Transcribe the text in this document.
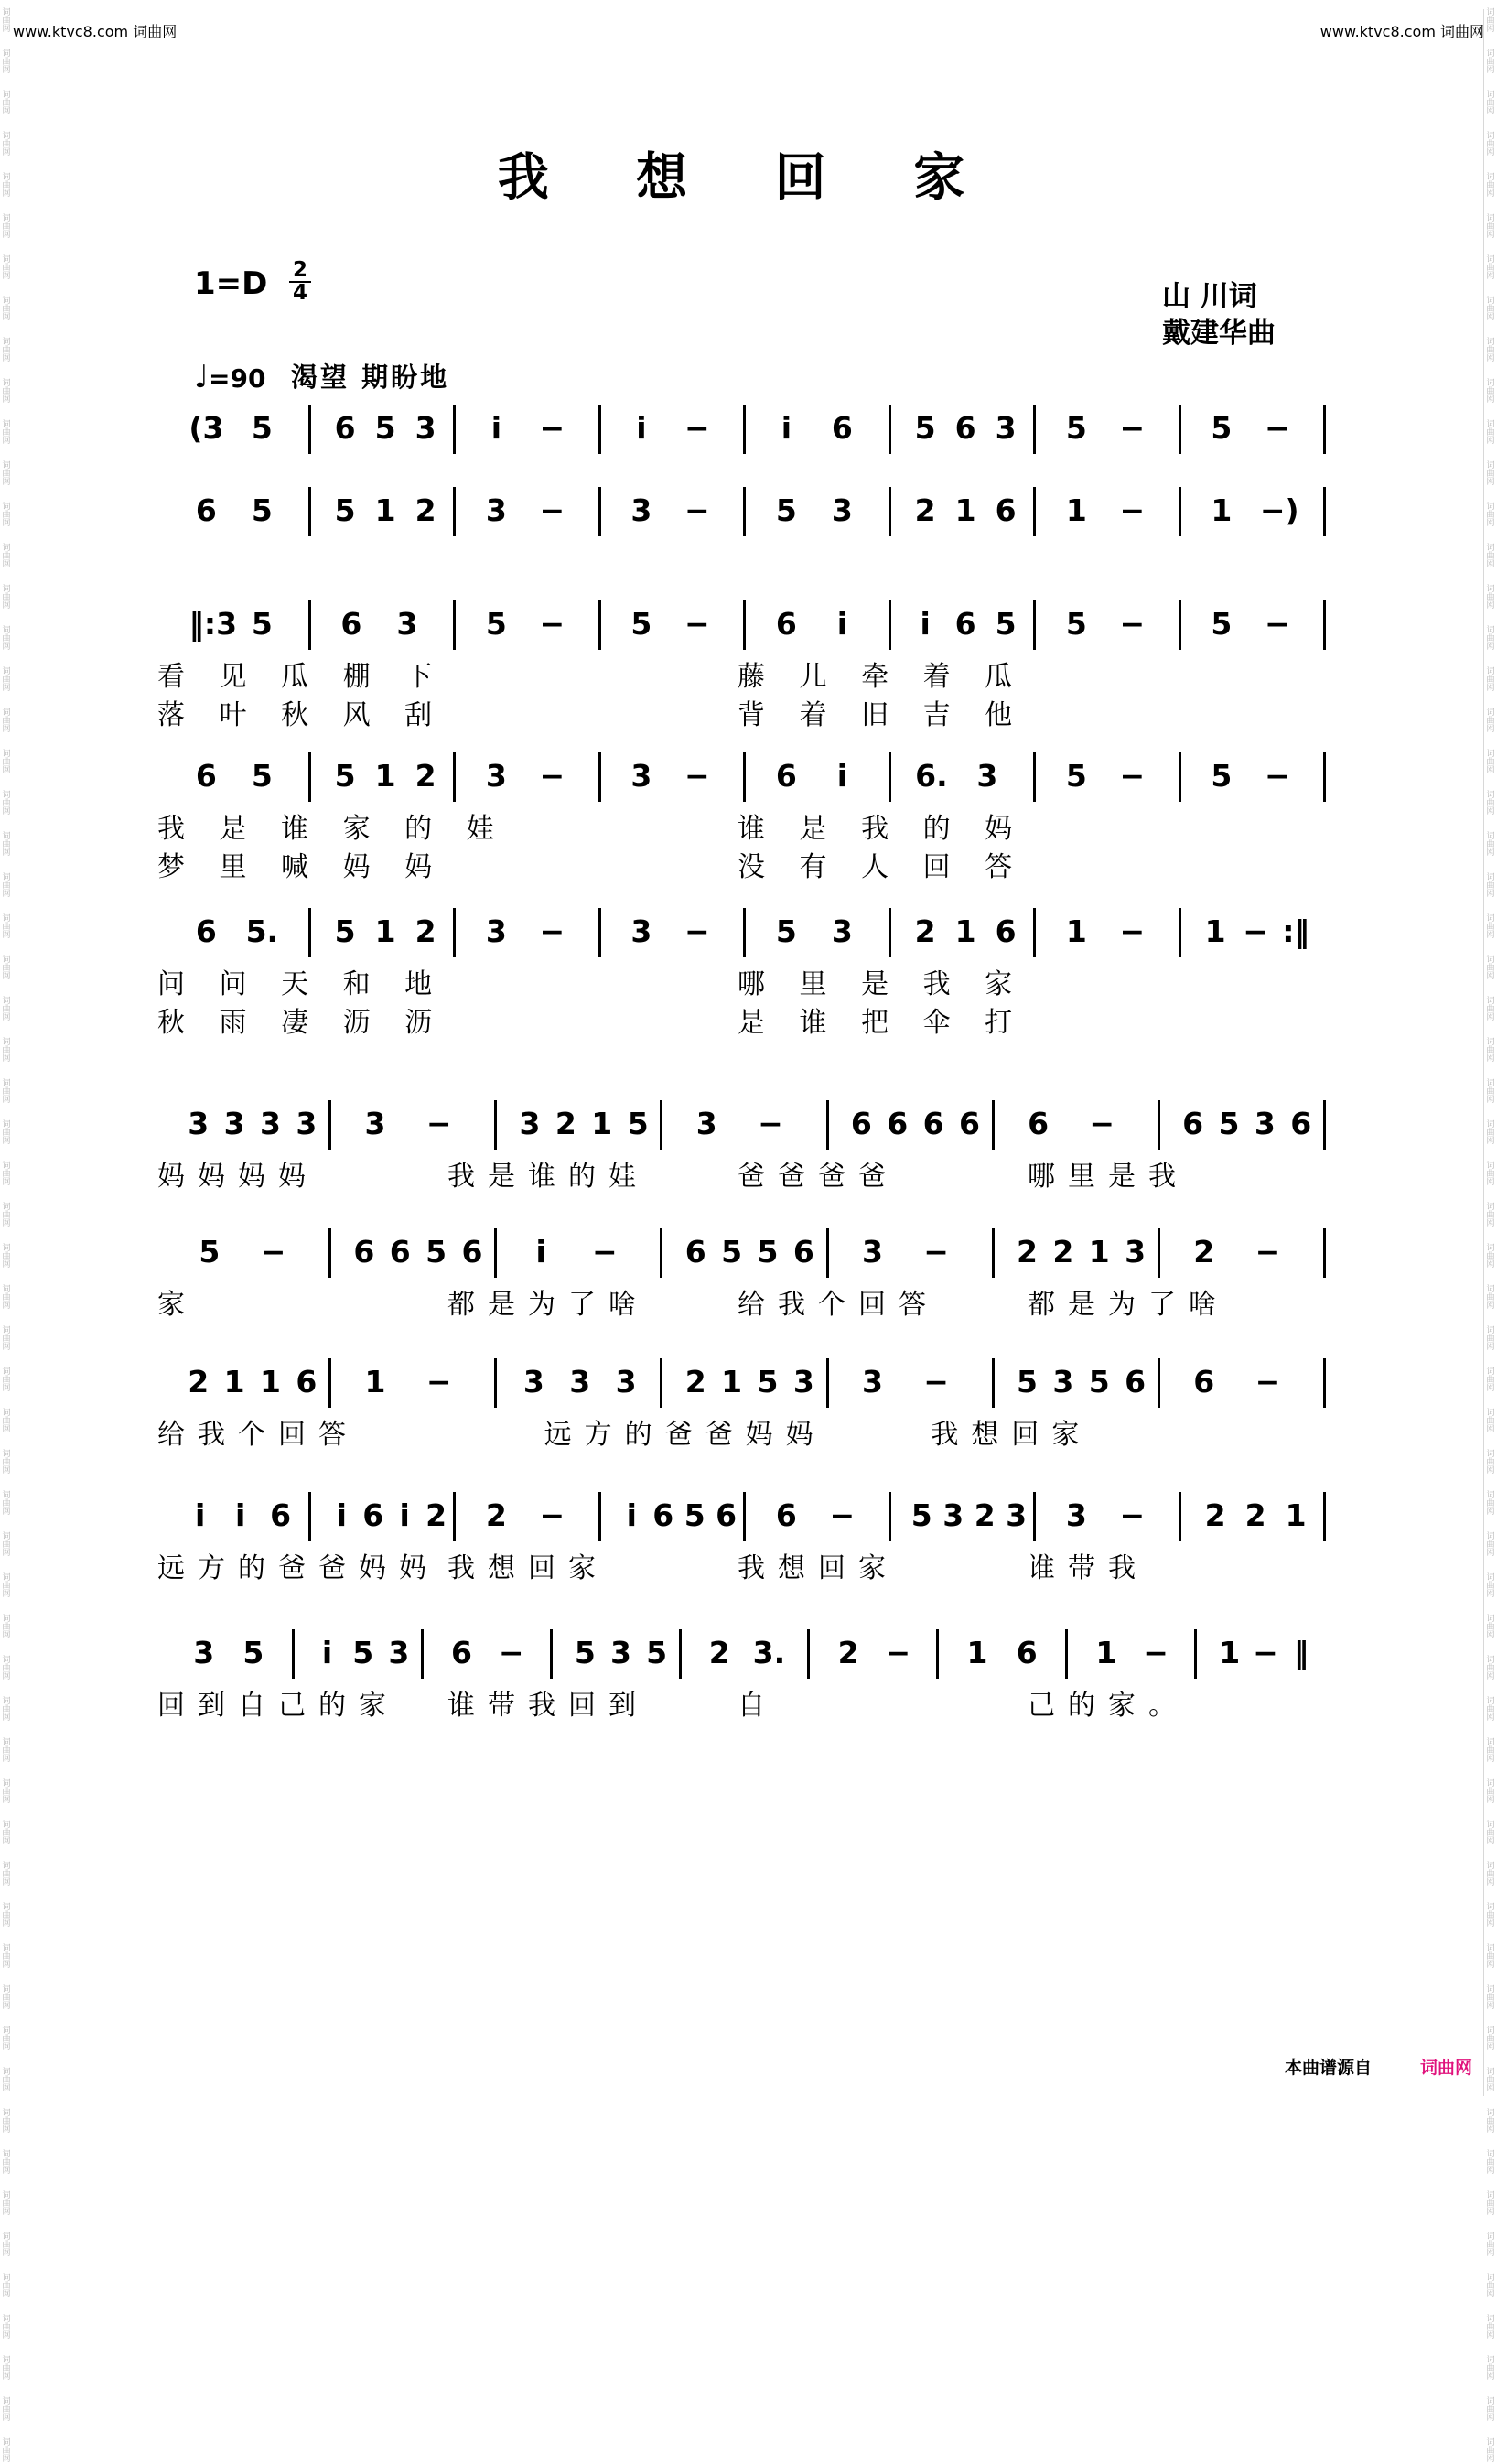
www.ktvc8.com 词曲网	www.ktvc8.com 词曲网
词
曲
网

词
曲
网

词
曲
网

词
曲
网

词
曲
网

词
曲
网

词
曲
网

词
曲
网

词
曲
网

词
曲
网

词
曲
网

词
曲
网

词
曲
网

词
曲
网

词
曲
网

词
曲
网

词
曲
网

词
曲
网

词
曲
网

词
曲
网

词
曲
网

词
曲
网

词
曲
网

词
曲
网

词
曲
网

词
曲
网

词
曲
网

词
曲
网

词
曲
网

词
曲
网

词
曲
网

词
曲
网

词
曲
网

词
曲
网

词
曲
网

词
曲
网

词
曲
网

词
曲
网

词
曲
网

词
曲
网

词
曲
网

词
曲
网

词
曲
网

词
曲
网

词
曲
网

词
曲
网

词
曲
网

词
曲
网

词
曲
网

词
曲
网

词
曲
网

词
曲
网

词
曲
网

词
曲
网

词
曲
网

词
曲
网

词
曲
网

词
曲
网

词
曲
网

词
曲
网

词
曲
网

词
曲
网

词
曲
网

词
曲
网

词
曲
网

词
曲
网

词
曲
网

词
曲
网

词
曲
网

词
曲
网

词
曲
网

词
曲
网

词
曲
网

词
曲
网

词
曲
网

词
曲
网

词
曲
网

词
曲
网

词
曲
网

词
曲
网

词
曲
网

词
曲
网

词
曲
网

词
曲
网

词
曲
网

词
曲
网

词
曲
网

词
曲
网

词
曲
网

词
曲
网

词
曲
网

词
曲
网

词
曲
网

词
曲
网

词
曲
网

词
曲
网

词
曲
网

词
曲
网

词
曲
网

词
曲
网

词
曲
网

词
曲
网

词
曲
网

词
曲
网

词
曲
网

词
曲
网

词
曲
网

词
曲
网

词
曲
网

词
曲
网

词
曲
网

词
曲
网

词
曲
网

词
曲
网

词
曲
网

词
曲
网

词
曲
网

词
曲
网

词
曲
网

词
曲
网

我 想 回 家
1=D 2
4	山 川词
戴建华曲
♩=90 渴望 期盼地
(3 5 6 5 3	i	−	i	−	i	6 5 6 3 5 − 5 −
6 5 5 1 2 3 − 3 − 5 3 2 1 6 1 − 1 −)
‖:3 5 6 3 5 − 5 − 6	i	i 6 5 5 − 5 −
看 见 瓜 棚 下	藤 儿 牵 着 瓜
落 叶 秋 风 刮	背 着 旧 吉 他
6 5 5 1 2 3 − 3 − 6	i	6. 3 5 − 5 −
我 是 谁 家 的 娃	谁 是 我 的 妈
梦 里 喊 妈 妈	没 有 人 回 答
6 5. 5 1 2 3 − 3 − 5 3 2 1 6 1 − 1 − :‖
问 问 天 和 地	哪 里 是 我 家
秋 雨 凄 沥 沥	是 谁 把 伞 打
3 3 3 3 3 − 3 2 1 5 3 − 6 6 6 6 6 − 6 5 3 6
妈妈妈妈	我是谁的娃	爸爸爸爸	哪里是我
5 − 6 6 5 6	i	− 6 5 5 6 3 − 2 2 1 3 2 −
家	都是为了啥	给我个回答	都是为了啥
2 1 1 6 1 − 3 3 3 2 1 5 3 3 − 5 3 5 6 6 −
给我个回答	远方的爸爸妈妈	我想回家
i i 6	i 6 i 2 2 −	i 6 5 6 6 − 5 3 2 3 3 − 2 2 1
远方的爸爸妈妈 我想回家	我想回家	谁带我
3 5	i 5 3 6 − 5 3 5 2 3. 2 − 1 6 1 − 1 − ‖
回到自己的家 谁带我回到	自	己的家。
本曲谱源自	词曲网
